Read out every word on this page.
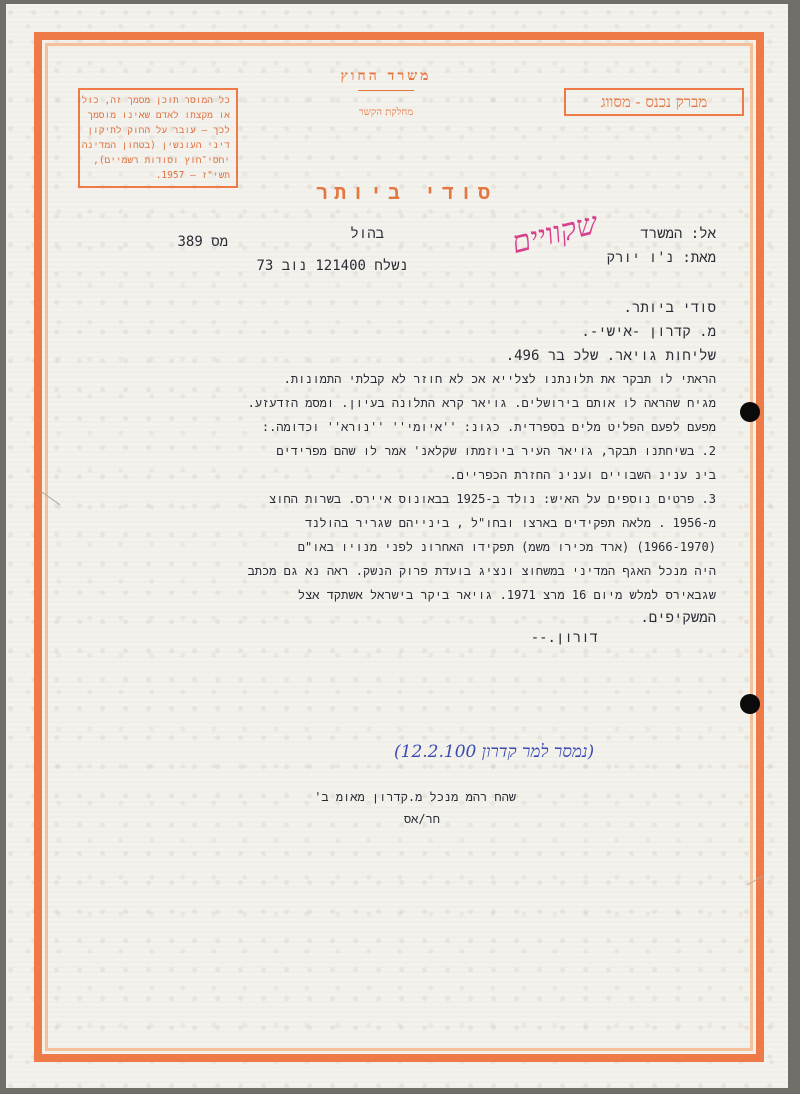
כל המוסר תוכן מסמך זה, כולו
או מקצתו לאדם שאינו מוסמך
לכך — עובר על החוק לתיקון
דיני העונשין (בטחון המדינה
יחסי־חוץ וסודות רשמיים),
תשי"ז — 1957.
משרד החוץ
מחלקת הקשר
מברק נכנס - מסווג
סודי ביותר
שקוויים	אל: המשרד
בהול
מס 389
מאת: נ'ו יורק
נשלח 121400 נוב 73
סודי ביותר.
מ. קדרון -אישי-.
שליחות גויאר. שלכ בר 496.
הראתי לו תבקר את תלונתנו לצלייא אכ לא חוזר לא קבלתי התמונות.
מגיח שהראה לו אותם בירושלים. גויאר קרא התלונה בעיון. ומסמ הזדעזע.
מפעם לפעם הפליט מלים בספרדית. כגונ: ''איומי'' ''נורא'' וכדומה.:
2. בשיחתנו תבקר, גויאר העיר ביוזמתו שקלאנ' אמר לו שהם מפרידים
בינ ענינ השבויים וענינ החזרת הכפריים.
3. פרטים נוספים על האיש: נולד ב-1925 בבאונוס איירס. בשרות החוצ
מ-1956 . מלאה תפקידים בארצו ובחו"ל , בינייהם שגריר בהולנד
(1966-1970) (ארד מכירו משמ) תפקידו האחרונ לפני מנויו באו"ם
היה מנכל האגף המדיני במשחוצ ונציג בועדת פרוק הנשק. ראה נא גם מכתב
שגבאירס למלש מיום 16 מרצ 1971. גויאר ביקר בישראל אשתקד אצל
המשקיפים.
דורון.--
(נמסר למר קדרון 12.2.100)
שהח רהמ מנכל מ.קדרון מאומ ב'
חר/אס
